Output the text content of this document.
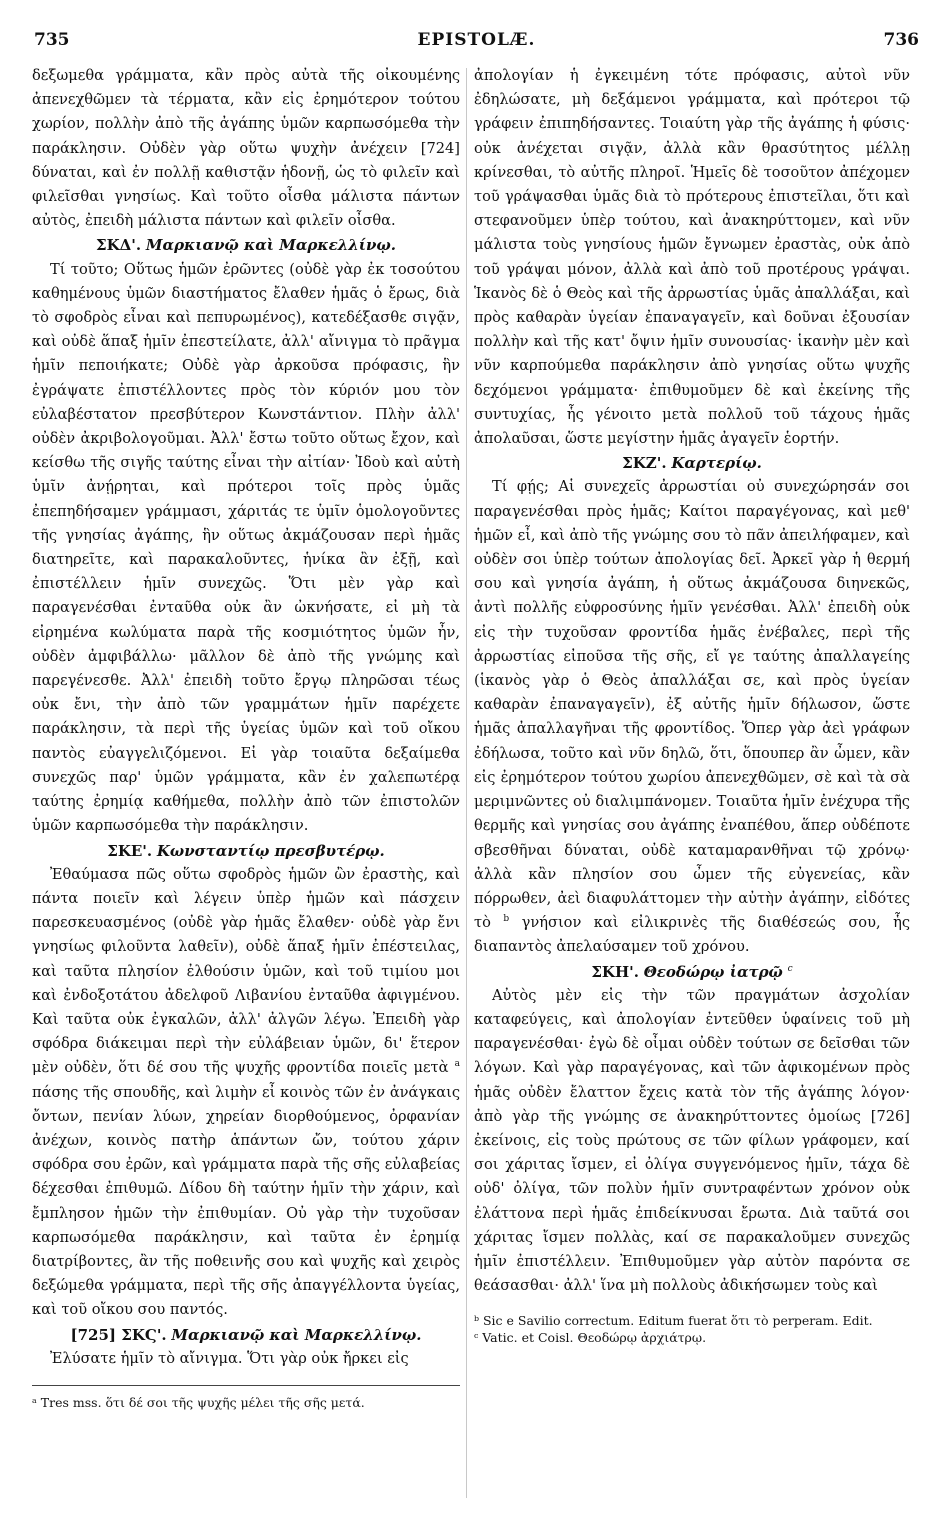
EPISTOLÆ.
735	736

δεξωμεθα γράμματα, κἂν πρὸς αὐτὰ τῆς οἰκουμένης ἀπενεχθῶμεν τὰ τέρματα, κἂν εἰς ἐρημότερον τούτου χωρίον, πολλὴν ἀπὸ τῆς ἀγάπης ὑμῶν καρπωσόμεθα τὴν παράκλησιν. Οὐδὲν γὰρ οὕτω ψυχὴν ἀνέχειν [724] δύναται, καὶ ἐν πολλῇ καθιστᾷν ἡδονῇ, ὡς τὸ φιλεῖν καὶ φιλεῖσθαι γνησίως. Καὶ τοῦτο οἶσθα μάλιστα πάντων αὐτὸς, ἐπειδὴ μάλιστα πάντων καὶ φιλεῖν οἶσθα.

ΣΚΔ'. Μαρκιανῷ καὶ Μαρκελλίνῳ.

Τί τοῦτο; Οὕτως ἡμῶν ἐρῶντες (οὐδὲ γὰρ ἐκ τοσούτου καθημένους ὑμῶν διαστήματος ἔλαθεν ἡμᾶς ὁ ἔρως, διὰ τὸ σφοδρὸς εἶναι καὶ πεπυρωμένος), κατεδέξασθε σιγᾷν, καὶ οὐδὲ ἅπαξ ἡμῖν ἐπεστείλατε, ἀλλ' αἴνιγμα τὸ πρᾶγμα ἡμῖν πεποιήκατε; Οὐδὲ γὰρ ἀρκοῦσα πρόφασις, ἣν ἐγράψατε ἐπιστέλλοντες πρὸς τὸν κύριόν μου τὸν εὐλαβέστατον πρεσβύτερον Κωνστάντιον. Πλὴν ἀλλ' οὐδὲν ἀκριβολογοῦμαι. Ἀλλ' ἔστω τοῦτο οὕτως ἔχον, καὶ κείσθω τῆς σιγῆς ταύτης εἶναι τὴν αἰτίαν· Ἰδοὺ καὶ αὐτὴ ὑμῖν ἀνῄρηται, καὶ πρότεροι τοῖς πρὸς ὑμᾶς ἐπεπηδήσαμεν γράμμασι, χάριτάς τε ὑμῖν ὁμολογοῦντες τῆς γνησίας ἀγάπης, ἣν οὕτως ἀκμάζουσαν περὶ ἡμᾶς διατηρεῖτε, καὶ παρακαλοῦντες, ἡνίκα ἂν ἐξῇ, καὶ ἐπιστέλλειν ἡμῖν συνεχῶς. Ὅτι μὲν γὰρ καὶ παραγενέσθαι ἐνταῦθα οὐκ ἂν ὠκνήσατε, εἰ μὴ τὰ εἰρημένα κωλύματα παρὰ τῆς κοσμιότητος ὑμῶν ἦν, οὐδὲν ἀμφιβάλλω· μᾶλλον δὲ ἀπὸ τῆς γνώμης καὶ παρεγένεσθε. Ἀλλ' ἐπειδὴ τοῦτο ἔργῳ πληρῶσαι τέως οὐκ ἔνι, τὴν ἀπὸ τῶν γραμμάτων ἡμῖν παρέχετε παράκλησιν, τὰ περὶ τῆς ὑγείας ὑμῶν καὶ τοῦ οἴκου παντὸς εὐαγγελιζόμενοι. Εἰ γὰρ τοιαῦτα δεξαίμεθα συνεχῶς παρ' ὑμῶν γράμματα, κἂν ἐν χαλεπωτέρᾳ ταύτης ἐρημίᾳ καθήμεθα, πολλὴν ἀπὸ τῶν ἐπιστολῶν ὑμῶν καρπωσόμεθα τὴν παράκλησιν.

ΣΚΕ'. Κωνσταντίῳ πρεσβυτέρῳ.

Ἐθαύμασα πῶς οὕτω σφοδρὸς ἡμῶν ὢν ἐραστὴς, καὶ πάντα ποιεῖν καὶ λέγειν ὑπὲρ ἡμῶν καὶ πάσχειν παρεσκευασμένος (οὐδὲ γὰρ ἡμᾶς ἔλαθεν· οὐδὲ γὰρ ἔνι γνησίως φιλοῦντα λαθεῖν), οὐδὲ ἅπαξ ἡμῖν ἐπέστειλας, καὶ ταῦτα πλησίον ἐλθούσιν ὑμῶν, καὶ τοῦ τιμίου μοι καὶ ἐνδοξοτάτου ἀδελφοῦ Λιβανίου ἐνταῦθα ἀφιγμένου. Καὶ ταῦτα οὐκ ἐγκαλῶν, ἀλλ' ἀλγῶν λέγω. Ἐπειδὴ γὰρ σφόδρα διάκειμαι περὶ τὴν εὐλάβειαν ὑμῶν, δι' ἕτερον μὲν οὐδὲν, ὅτι δέ σου τῆς ψυχῆς φροντίδα ποιεῖς μετὰ $^a$ πάσης τῆς σπουδῆς, καὶ λιμὴν εἶ κοινὸς τῶν ἐν ἀνάγκαις ὄντων, πενίαν λύων, χηρείαν διορθούμενος, ὀρφανίαν ἀνέχων, κοινὸς πατὴρ ἁπάντων ὤν, τούτου χάριν σφόδρα σου ἐρῶν, καὶ γράμματα παρὰ τῆς σῆς εὐλαβείας δέχεσθαι ἐπιθυμῶ. Δίδου δὴ ταύτην ἡμῖν τὴν χάριν, καὶ ἔμπλησον ἡμῶν τὴν ἐπιθυμίαν. Οὐ γὰρ τὴν τυχοῦσαν καρπωσόμεθα παράκλησιν, καὶ ταῦτα ἐν ἐρημίᾳ διατρίβοντες, ἂν τῆς ποθεινῆς σου καὶ ψυχῆς καὶ χειρὸς δεξώμεθα γράμματα, περὶ τῆς σῆς ἀπαγγέλλοντα ὑγείας, καὶ τοῦ οἴκου σου παντός.

[725] ΣΚϚ'. Μαρκιανῷ καὶ Μαρκελλίνῳ.

Ἐλύσατε ἡμῖν τὸ αἴνιγμα. Ὅτι γὰρ οὐκ ἤρκει εἰς

ᵃ Tres mss. ὅτι δέ σοι τῆς ψυχῆς μέλει τῆς σῆς μετά.

ἀπολογίαν ἡ ἐγκειμένη τότε πρόφασις, αὐτοὶ νῦν ἐδηλώσατε, μὴ δεξάμενοι γράμματα, καὶ πρότεροι τῷ γράφειν ἐπιπηδήσαντες. Τοιαύτη γὰρ τῆς ἀγάπης ἡ φύσις· οὐκ ἀνέχεται σιγᾷν, ἀλλὰ κἂν θρασύτητος μέλλῃ κρίνεσθαι, τὸ αὐτῆς πληροῖ. Ἡμεῖς δὲ τοσοῦτον ἀπέχομεν τοῦ γράψασθαι ὑμᾶς διὰ τὸ πρότερους ἐπιστεῖλαι, ὅτι καὶ στεφανοῦμεν ὑπὲρ τούτου, καὶ ἀνακηρύττομεν, καὶ νῦν μάλιστα τοὺς γνησίους ἡμῶν ἔγνωμεν ἐραστὰς, οὐκ ἀπὸ τοῦ γράψαι μόνον, ἀλλὰ καὶ ἀπὸ τοῦ προτέρους γράψαι. Ἱκανὸς δὲ ὁ Θεὸς καὶ τῆς ἀρρωστίας ὑμᾶς ἀπαλλάξαι, καὶ πρὸς καθαρὰν ὑγείαν ἐπαναγαγεῖν, καὶ δοῦναι ἐξουσίαν πολλὴν καὶ τῆς κατ' ὄψιν ἡμῖν συνουσίας· ἱκανὴν μὲν καὶ νῦν καρπούμεθα παράκλησιν ἀπὸ γνησίας οὕτω ψυχῆς δεχόμενοι γράμματα· ἐπιθυμοῦμεν δὲ καὶ ἐκείνης τῆς συντυχίας, ἧς γένοιτο μετὰ πολλοῦ τοῦ τάχους ἡμᾶς ἀπολαῦσαι, ὥστε μεγίστην ἡμᾶς ἀγαγεῖν ἑορτήν.

ΣΚΖ'. Καρτερίῳ.

Τί φῄς; Αἱ συνεχεῖς ἀρρωστίαι οὐ συνεχώρησάν σοι παραγενέσθαι πρὸς ἡμᾶς; Καίτοι παραγέγονας, καὶ μεθ' ἡμῶν εἶ, καὶ ἀπὸ τῆς γνώμης σου τὸ πᾶν ἀπειλήφαμεν, καὶ οὐδὲν σοι ὑπὲρ τούτων ἀπολογίας δεῖ. Ἀρκεῖ γὰρ ἡ θερμή σου καὶ γνησία ἀγάπη, ἡ οὕτως ἀκμάζουσα διηνεκῶς, ἀντὶ πολλῆς εὐφροσύνης ἡμῖν γενέσθαι. Ἀλλ' ἐπειδὴ οὐκ εἰς τὴν τυχοῦσαν φροντίδα ἡμᾶς ἐνέβαλες, περὶ τῆς ἀρρωστίας εἰποῦσα τῆς σῆς, εἴ γε ταύτης ἀπαλλαγείης (ἱκανὸς γὰρ ὁ Θεὸς ἀπαλλάξαι σε, καὶ πρὸς ὑγείαν καθαρὰν ἐπαναγαγεῖν), ἐξ αὐτῆς ἡμῖν δήλωσον, ὥστε ἡμᾶς ἀπαλλαγῆναι τῆς φροντίδος. Ὅπερ γὰρ ἀεὶ γράφων ἐδήλωσα, τοῦτο καὶ νῦν δηλῶ, ὅτι, ὅπουπερ ἂν ὦμεν, κἂν εἰς ἐρημότερον τούτου χωρίου ἀπενεχθῶμεν, σὲ καὶ τὰ σὰ μεριμνῶντες οὐ διαλιμπάνομεν. Τοιαῦτα ἡμῖν ἐνέχυρα τῆς θερμῆς καὶ γνησίας σου ἀγάπης ἐναπέθου, ἅπερ οὐδέποτε σβεσθῆναι δύναται, οὐδὲ καταμαρανθῆναι τῷ χρόνῳ· ἀλλὰ κἂν πλησίον σου ὦμεν τῆς εὐγενείας, κἂν πόρρωθεν, ἀεὶ διαφυλάττομεν τὴν αὐτὴν ἀγάπην, εἰδότες τὸ $^b$ γνήσιον καὶ εἰλικρινὲς τῆς διαθέσεώς σου, ἧς διαπαντὸς ἀπελαύσαμεν τοῦ χρόνου.

ΣΚΗ'. Θεοδώρῳ ἰατρῷ $^c$

Αὐτὸς μὲν εἰς τὴν τῶν πραγμάτων ἀσχολίαν καταφεύγεις, καὶ ἀπολογίαν ἐντεῦθεν ὑφαίνεις τοῦ μὴ παραγενέσθαι· ἐγὼ δὲ οἶμαι οὐδὲν τούτων σε δεῖσθαι τῶν λόγων. Καὶ γὰρ παραγέγονας, καὶ τῶν ἀφικομένων πρὸς ἡμᾶς οὐδὲν ἔλαττον ἔχεις κατὰ τὸν τῆς ἀγάπης λόγον· ἀπὸ γὰρ τῆς γνώμης σε ἀνακηρύττοντες ὁμοίως [726] ἐκείνοις, εἰς τοὺς πρώτους σε τῶν φίλων γράφομεν, καί σοι χάριτας ἴσμεν, εἰ ὀλίγα συγγενόμενος ἡμῖν, τάχα δὲ οὐδ' ὀλίγα, τῶν πολὺν ἡμῖν συντραφέντων χρόνον οὐκ ἐλάττονα περὶ ἡμᾶς ἐπιδείκνυσαι ἔρωτα. Διὰ ταῦτά σοι χάριτας ἴσμεν πολλὰς, καί σε παρακαλοῦμεν συνεχῶς ἡμῖν ἐπιστέλλειν. Ἐπιθυμοῦμεν γὰρ αὐτὸν παρόντα σε θεάσασθαι· ἀλλ' ἵνα μὴ πολλοὺς ἀδικήσωμεν τοὺς καὶ

ᵇ Sic e Savilio correctum. Editum fuerat ὅτι τὸ perperam. Edit.

ᶜ Vatic. et Coisl. Θεοδώρῳ ἀρχιάτρῳ.
